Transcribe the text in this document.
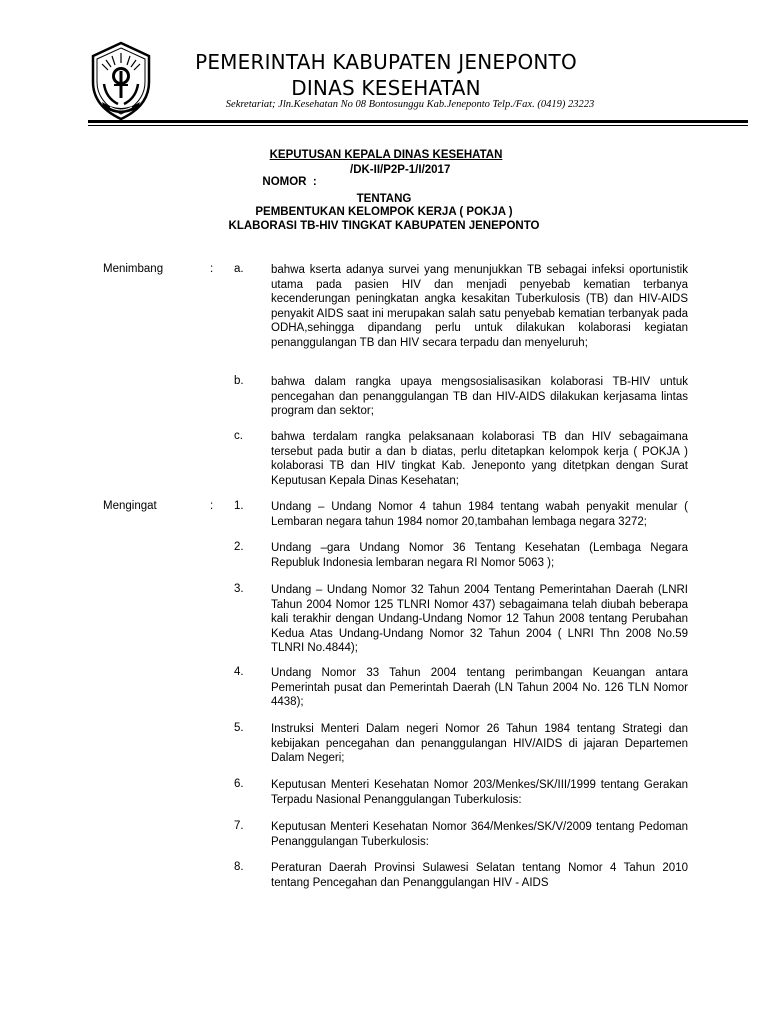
PEMERINTAH KABUPATEN JENEPONTO
DINAS KESEHATAN
Sekretariat; Jln.Kesehatan No 08 Bontosunggu Kab.Jeneponto Telp./Fax. (0419) 23223
KEPUTUSAN KEPALA DINAS KESEHATAN

NOMOR  :

/DK-II/P2P-1/I/2017

TENTANG
PEMBENTUKAN KELOMPOK KERJA ( POKJA )
KLABORASI TB-HIV TINGKAT KABUPATEN JENEPONTO
Menimbang	: a. bahwa kserta adanya survei yang menunjukkan TB sebagai infeksi oportunistik utama pada pasien HIV dan menjadi penyebab kematian terbanya kecenderungan peningkatan angka kesakitan Tuberkulosis (TB) dan HIV-AIDS penyakit AIDS saat ini merupakan salah satu penyebab kematian terbanyak pada ODHA,sehingga dipandang perlu untuk dilakukan kolaborasi kegiatan penanggulangan TB dan HIV secara terpadu dan menyeluruh;
b. bahwa dalam rangka upaya mengsosialisasikan kolaborasi TB-HIV untuk pencegahan dan penanggulangan TB dan HIV-AIDS dilakukan kerjasama lintas program dan sektor;
c. bahwa terdalam rangka pelaksanaan kolaborasi TB dan HIV sebagaimana tersebut pada butir a dan b diatas, perlu ditetapkan kelompok kerja ( POKJA ) kolaborasi TB dan HIV tingkat Kab. Jeneponto yang ditetpkan dengan Surat Keputusan Kepala Dinas Kesehatan;
Mengingat	: 1. Undang – Undang Nomor 4 tahun 1984 tentang wabah penyakit menular ( Lembaran negara tahun 1984 nomor 20,tambahan lembaga negara 3272;
2. Undang –gara Undang Nomor 36 Tentang Kesehatan (Lembaga Negara Republuk Indonesia lembaran negara RI Nomor 5063 );
3. Undang – Undang Nomor 32 Tahun 2004 Tentang Pemerintahan Daerah (LNRI Tahun 2004 Nomor 125 TLNRI Nomor 437) sebagaimana telah diubah beberapa kali terakhir dengan Undang-Undang Nomor 12 Tahun 2008 tentang Perubahan Kedua Atas Undang-Undang Nomor 32 Tahun 2004 ( LNRI Thn 2008 No.59 TLNRI No.4844);
4. Undang Nomor 33 Tahun 2004 tentang perimbangan Keuangan antara Pemerintah pusat dan Pemerintah Daerah (LN Tahun 2004 No. 126 TLN Nomor 4438);
5. Instruksi Menteri Dalam negeri Nomor 26 Tahun 1984 tentang Strategi dan kebijakan pencegahan dan penanggulangan HIV/AIDS di jajaran Departemen Dalam Negeri;
6. Keputusan Menteri Kesehatan Nomor 203/Menkes/SK/III/1999 tentang Gerakan Terpadu Nasional Penanggulangan Tuberkulosis:
7. Keputusan Menteri Kesehatan Nomor 364/Menkes/SK/V/2009 tentang Pedoman Penanggulangan Tuberkulosis:
8. Peraturan Daerah Provinsi Sulawesi Selatan tentang Nomor 4 Tahun 2010 tentang Pencegahan dan Penanggulangan HIV - AIDS
